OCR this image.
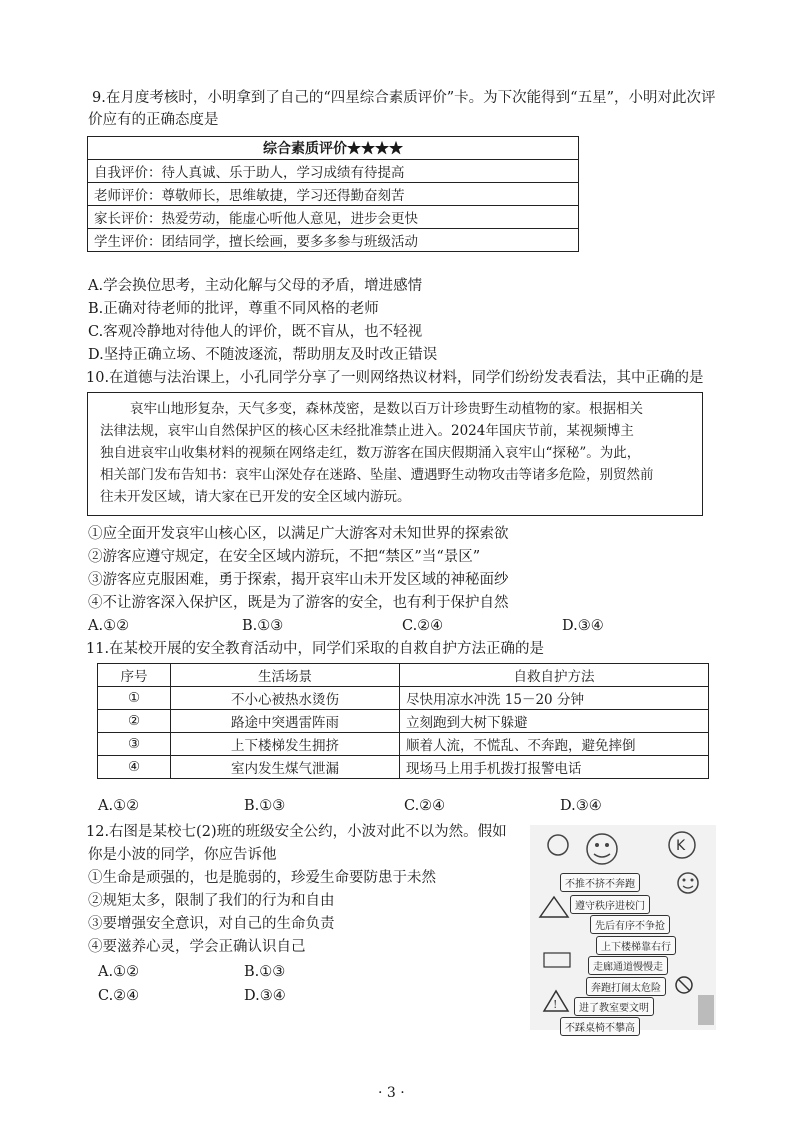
9.在月度考核时，小明拿到了自己的“四星综合素质评价”卡。为下次能得到“五星”，小明对此次评
价应有的正确态度是
综合素质评价★★★★
自我评价：待人真诚、乐于助人，学习成绩有待提高
老师评价：尊敬师长，思维敏捷，学习还得勤奋刻苦
家长评价：热爱劳动，能虚心听他人意见，进步会更快
学生评价：团结同学，擅长绘画，要多多参与班级活动
A.学会换位思考，主动化解与父母的矛盾，增进感情
B.正确对待老师的批评，尊重不同风格的老师
C.客观冷静地对待他人的评价，既不盲从，也不轻视
D.坚持正确立场、不随波逐流，帮助朋友及时改正错误
10.在道德与法治课上，小孔同学分享了一则网络热议材料，同学们纷纷发表看法，其中正确的是
哀牢山地形复杂，天气多变，森林茂密，是数以百万计珍贵野生动植物的家。根据相关
法律法规，哀牢山自然保护区的核心区未经批准禁止进入。2024年国庆节前，某视频博主
独自进哀牢山收集材料的视频在网络走红，数万游客在国庆假期涌入哀牢山“探秘”。为此，
相关部门发布告知书：哀牢山深处存在迷路、坠崖、遭遇野生动物攻击等诸多危险，别贸然前
往未开发区域，请大家在已开发的安全区域内游玩。
①应全面开发哀牢山核心区，以满足广大游客对未知世界的探索欲
②游客应遵守规定，在安全区域内游玩，不把“禁区”当“景区”
③游客应克服困难，勇于探索，揭开哀牢山未开发区域的神秘面纱
④不让游客深入保护区，既是为了游客的安全，也有利于保护自然
A.①②	B.①③	C.②④	D.③④
11.在某校开展的安全教育活动中，同学们采取的自救自护方法正确的是
序号	生活场景	自救自护方法
①	不小心被热水烫伤	尽快用凉水冲洗 15－20 分钟
②	路途中突遇雷阵雨	立刻跑到大树下躲避
③	上下楼梯发生拥挤	顺着人流，不慌乱、不奔跑，避免摔倒
④	室内发生煤气泄漏	现场马上用手机拨打报警电话
A.①②	B.①③	C.②④	D.③④
12.右图是某校七(2)班的班级安全公约，小波对此不以为然。假如
你是小波的同学，你应告诉他
①生命是顽强的，也是脆弱的，珍爱生命要防患于未然
②规矩太多，限制了我们的行为和自由
③要增强安全意识，对自己的生命负责
④要滋养心灵，学会正确认识自己
A.①②	B.①③
C.②④	D.③④
K
!
不推不挤不奔跑
遵守秩序进校门
先后有序不争抢
上下楼梯靠右行
走廊通道慢慢走
奔跑打闹太危险
进了教室要文明
不踩桌椅不攀高
· 3 ·
